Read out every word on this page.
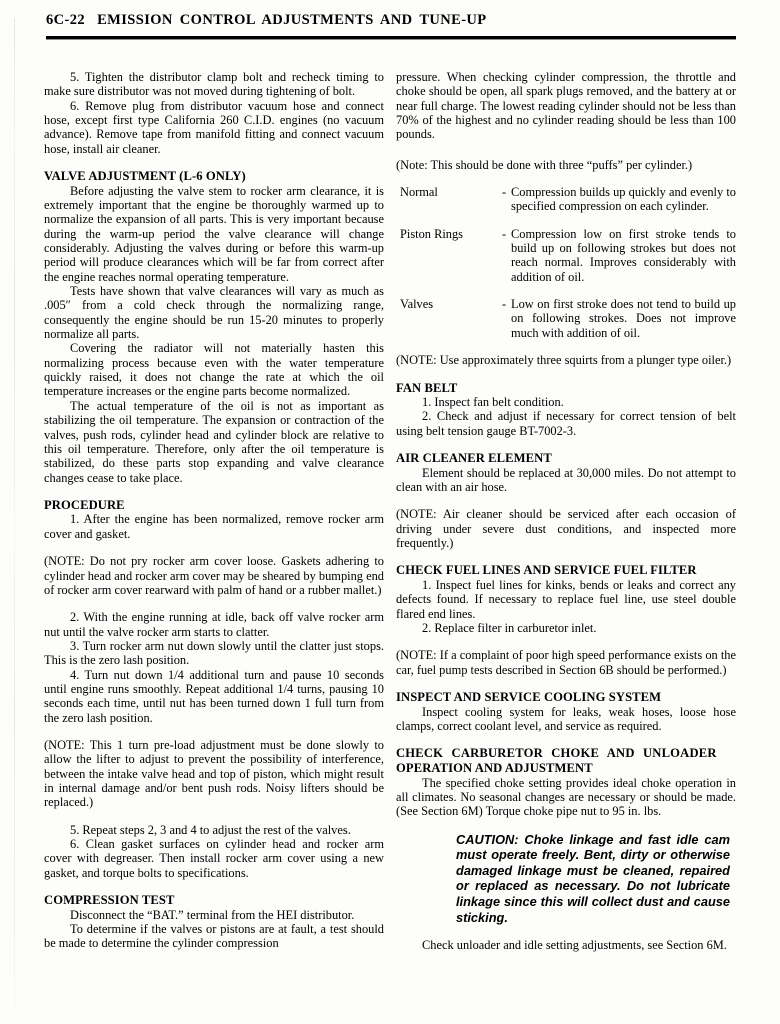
6C-22 EMISSION CONTROL ADJUSTMENTS AND TUNE-UP

5. Tighten the distributor clamp bolt and recheck timing to make sure distributor was not moved during tightening of bolt.

6. Remove plug from distributor vacuum hose and connect hose, except first type California 260 C.I.D. engines (no vacuum advance). Remove tape from manifold fitting and connect vacuum hose, install air cleaner.

VALVE ADJUSTMENT (L-6 ONLY)

Before adjusting the valve stem to rocker arm clearance, it is extremely important that the engine be thoroughly warmed up to normalize the expansion of all parts. This is very important because during the warm-up period the valve clearance will change considerably. Adjusting the valves during or before this warm-up period will produce clearances which will be far from correct after the engine reaches normal operating temperature.

Tests have shown that valve clearances will vary as much as .005″ from a cold check through the normalizing range, consequently the engine should be run 15-20 minutes to properly normalize all parts.

Covering the radiator will not materially hasten this normalizing process because even with the water temperature quickly raised, it does not change the rate at which the oil temperature increases or the engine parts become normalized.

The actual temperature of the oil is not as important as stabilizing the oil temperature. The expansion or contraction of the valves, push rods, cylinder head and cylinder block are relative to this oil temperature. Therefore, only after the oil temperature is stabilized, do these parts stop expanding and valve clearance changes cease to take place.

PROCEDURE

1. After the engine has been normalized, remove rocker arm cover and gasket.

(NOTE: Do not pry rocker arm cover loose. Gaskets adhering to cylinder head and rocker arm cover may be sheared by bumping end of rocker arm cover rearward with palm of hand or a rubber mallet.)

2. With the engine running at idle, back off valve rocker arm nut until the valve rocker arm starts to clatter.

3. Turn rocker arm nut down slowly until the clatter just stops. This is the zero lash position.

4. Turn nut down 1/4 additional turn and pause 10 seconds until engine runs smoothly. Repeat additional 1/4 turns, pausing 10 seconds each time, until nut has been turned down 1 full turn from the zero lash position.

(NOTE: This 1 turn pre-load adjustment must be done slowly to allow the lifter to adjust to prevent the possibility of interference, between the intake valve head and top of piston, which might result in internal damage and/or bent push rods. Noisy lifters should be replaced.)

5. Repeat steps 2, 3 and 4 to adjust the rest of the valves.

6. Clean gasket surfaces on cylinder head and rocker arm cover with degreaser. Then install rocker arm cover using a new gasket, and torque bolts to specifications.

COMPRESSION TEST

Disconnect the “BAT.” terminal from the HEI distributor.

To determine if the valves or pistons are at fault, a test should be made to determine the cylinder compression

pressure. When checking cylinder compression, the throttle and choke should be open, all spark plugs removed, and the battery at or near full charge. The lowest reading cylinder should not be less than 70% of the highest and no cylinder reading should be less than 100 pounds.

(Note: This should be done with three “puffs” per cylinder.)

Normal	- Compression builds up quickly and evenly to specified compression on each cylinder.
Piston Rings	- Compression low on first stroke tends to build up on following strokes but does not reach normal. Improves considerably with addition of oil.
Valves	- Low on first stroke does not tend to build up on following strokes. Does not improve much with addition of oil.

(NOTE: Use approximately three squirts from a plunger type oiler.)

FAN BELT

1. Inspect fan belt condition.

2. Check and adjust if necessary for correct tension of belt using belt tension gauge BT-7002-3.

AIR CLEANER ELEMENT

Element should be replaced at 30,000 miles. Do not attempt to clean with an air hose.

(NOTE: Air cleaner should be serviced after each occasion of driving under severe dust conditions, and inspected more frequently.)

CHECK FUEL LINES AND SERVICE FUEL FILTER

1. Inspect fuel lines for kinks, bends or leaks and correct any defects found. If necessary to replace fuel line, use steel double flared end lines.

2. Replace filter in carburetor inlet.

(NOTE: If a complaint of poor high speed performance exists on the car, fuel pump tests described in Section 6B should be performed.)

INSPECT AND SERVICE COOLING SYSTEM

Inspect cooling system for leaks, weak hoses, loose hose clamps, correct coolant level, and service as required.

CHECK CARBURETOR CHOKE AND UNLOADER
OPERATION AND ADJUSTMENT

The specified choke setting provides ideal choke operation in all climates. No seasonal changes are necessary or should be made. (See Section 6M) Torque choke pipe nut to 95 in. lbs.

CAUTION: Choke linkage and fast idle cam must operate freely. Bent, dirty or otherwise damaged linkage must be cleaned, repaired or replaced as necessary. Do not lubricate linkage since this will collect dust and cause sticking.

Check unloader and idle setting adjustments, see Section 6M.
